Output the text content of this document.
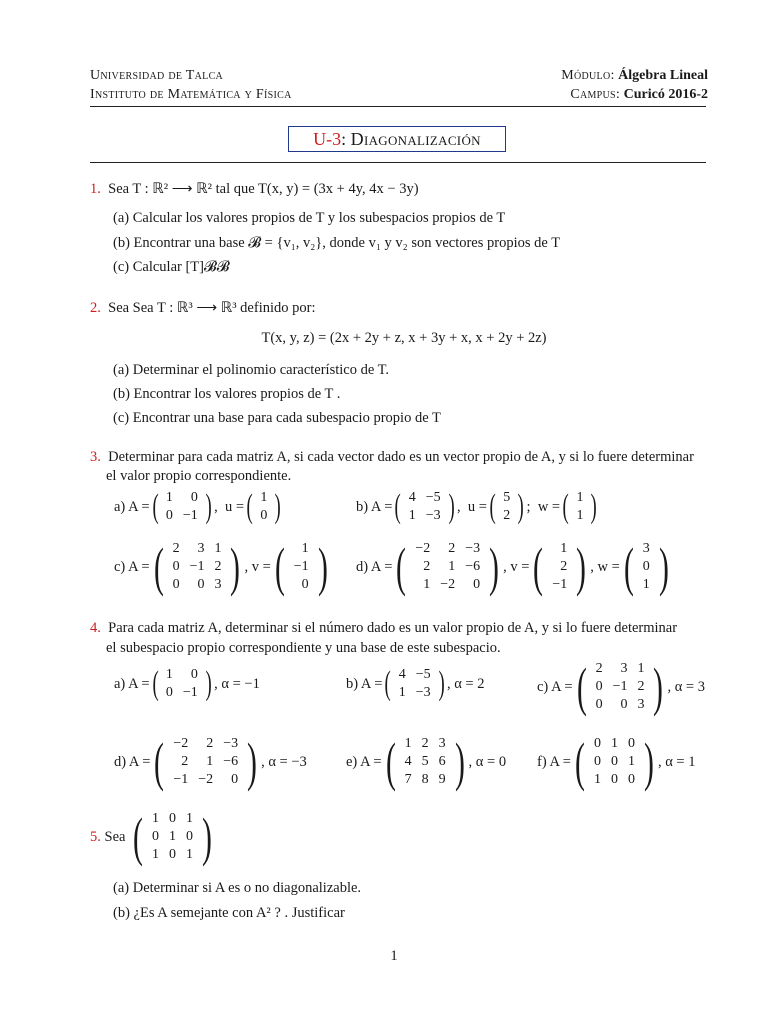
Universidad de Talca
Instituto de Matemática y Física
Módulo: Álgebra Lineal
Campus: Curicó 2016-2
U-3 :
Diagonalización
1. Sea T : ℝ² ⟶ ℝ² tal que T(x, y) = (3x + 4y, 4x − 3y)
(a) Calcular los valores propios de T y los subespacios propios de T
(b) Encontrar una base 𝓑 = {v₁, v₂}, donde v₁ y v₂ son vectores propios de T
(c) Calcular [T]𝓑𝓑
2. Sea Sea T : ℝ³ ⟶ ℝ³ definido por:
T(x, y, z) = (2x + 2y + z, x + 3y + x, x + 2y + 2z)
(a) Determinar el polinomio característico de T.
(b) Encontrar los valores propios de T .
(c) Encontrar una base para cada subespacio propio de T
3. Determinar para cada matriz A, si cada vector dado es un vector propio de A, y si lo fuere determinar
el valor propio correspondiente.
a) A = ( 1	0
0	−1 ) , u = ( 1
0 )	b) A = ( 4	−5
1	−3 ) , u = ( 5
2 ) ; w = ( 1
1 )
c) A = ( 2	3	1
0	−1	2
0	0	3 ) , v = ( 1
−1
0 ) d) A = ( −2	2	−3
2	1	−6
1	−2	0 ) , v = ( 1
2
−1 ) , w = ( 3
0
1 )
4. Para cada matriz A, determinar si el número dado es un valor propio de A, y si lo fuere determinar
el subespacio propio correspondiente y una base de este subespacio.
a) A = ( 1	0
0	−1 ) , α = −1	b) A = ( 4	−5
1	−3 ) , α = 2	c) A = ( 2	3	1
0	−1	2
0	0	3 ) , α = 3
d) A = ( −2	2	−3
2	1	−6
−1	−2	0 ) , α = −3	e) A = ( 1	2	3
4	5	6
7	8	9 ) , α = 0 f) A = ( 0	1	0
0	0	1
1	0	0 ) , α = 1
5.
Sea
( 1	0	1
0	1	0
1	0	1 )
(a) Determinar si A es o no diagonalizable.
(b) ¿Es A semejante con A² ? . Justificar
1
